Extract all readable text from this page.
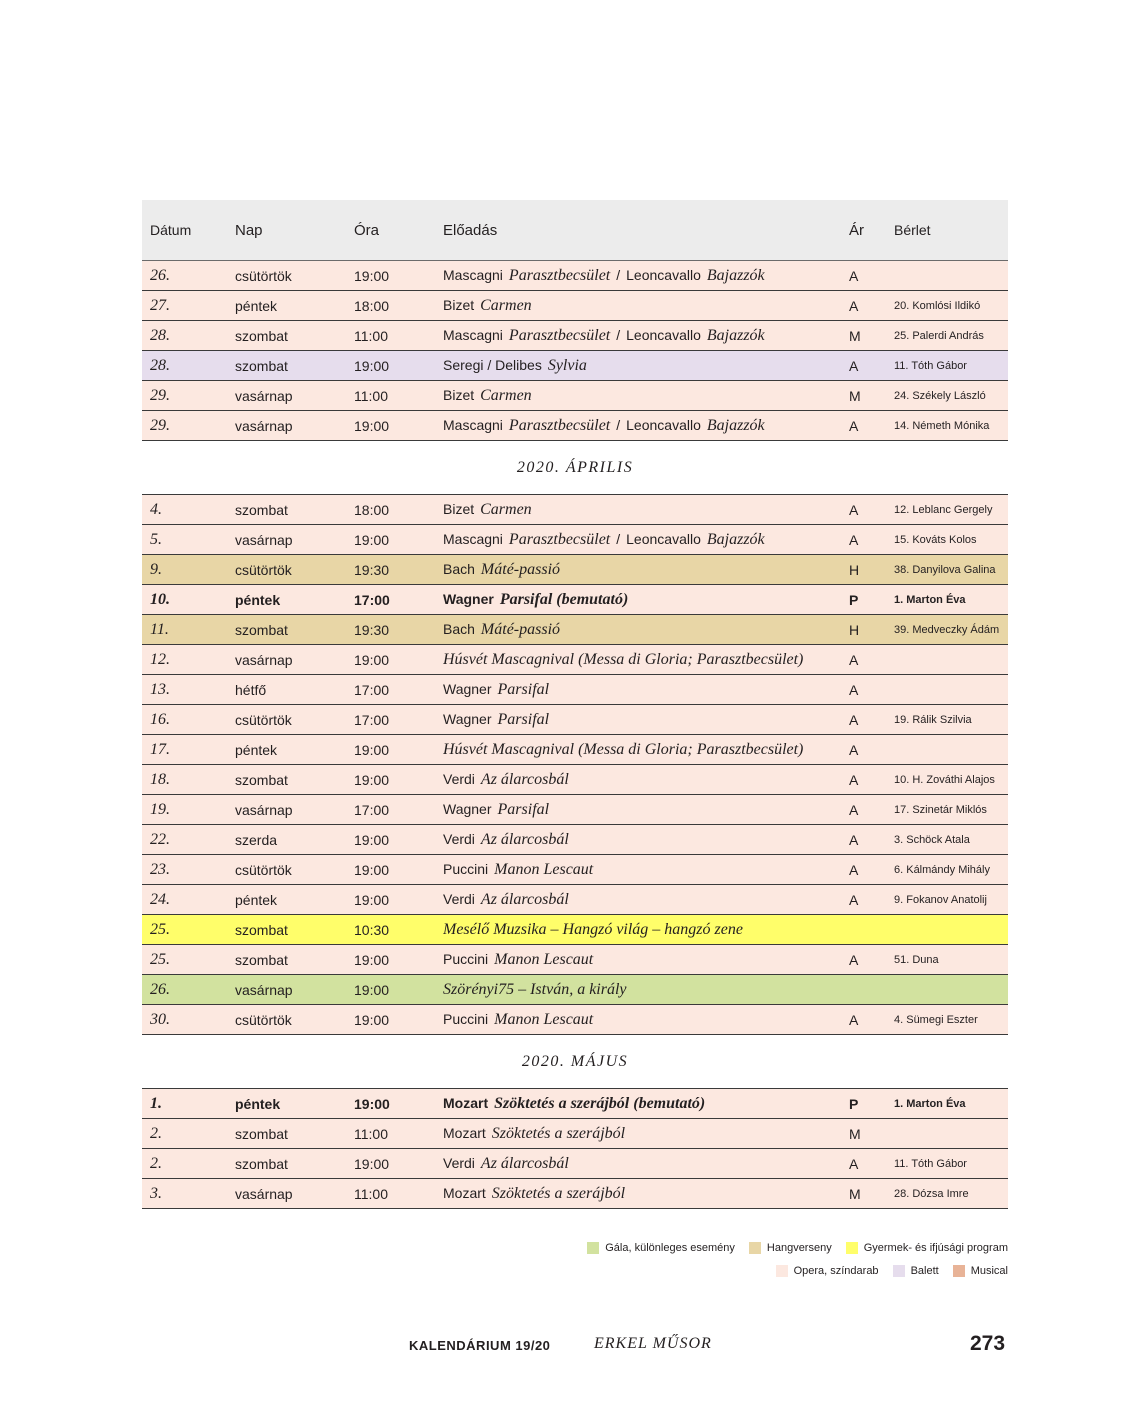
Dátum	Nap	Óra	Előadás	Ár	Bérlet
26.	csütörtök	19:00	Mascagni Parasztbecsület / Leoncavallo Bajazzók	A
27.	péntek	18:00	Bizet Carmen	A	20. Komlósi Ildikó
28.	szombat	11:00	Mascagni Parasztbecsület / Leoncavallo Bajazzók	M	25. Palerdi András
28.	szombat	19:00	Seregi / Delibes Sylvia	A	11. Tóth Gábor
29.	vasárnap	11:00	Bizet Carmen	M	24. Székely László
29.	vasárnap	19:00	Mascagni Parasztbecsület / Leoncavallo Bajazzók	A	14. Németh Mónika
2020. ÁPRILIS
4.	szombat	18:00	Bizet Carmen	A	12. Leblanc Gergely
5.	vasárnap	19:00	Mascagni Parasztbecsület / Leoncavallo Bajazzók	A	15. Kováts Kolos
9.	csütörtök	19:30	Bach Máté-passió	H	38. Danyilova Galina
10.	péntek	17:00	Wagner Parsifal (bemutató)	P	1. Marton Éva
11.	szombat	19:30	Bach Máté-passió	H	39. Medveczky Ádám
12.	vasárnap	19:00	Húsvét Mascagnival (Messa di Gloria; Parasztbecsület)	A
13.	hétfő	17:00	Wagner Parsifal	A
16.	csütörtök	17:00	Wagner Parsifal	A	19. Rálik Szilvia
17.	péntek	19:00	Húsvét Mascagnival (Messa di Gloria; Parasztbecsület)	A
18.	szombat	19:00	Verdi Az álarcosbál	A	10. H. Zováthi Alajos
19.	vasárnap	17:00	Wagner Parsifal	A	17. Szinetár Miklós
22.	szerda	19:00	Verdi Az álarcosbál	A	3. Schöck Atala
23.	csütörtök	19:00	Puccini Manon Lescaut	A	6. Kálmándy Mihály
24.	péntek	19:00	Verdi Az álarcosbál	A	9. Fokanov Anatolij
25.	szombat	10:30	Mesélő Muzsika – Hangzó világ – hangzó zene
25.	szombat	19:00	Puccini Manon Lescaut	A	51. Duna
26.	vasárnap	19:00	Szörényi75 – István, a király
30.	csütörtök	19:00	Puccini Manon Lescaut	A	4. Sümegi Eszter
2020. MÁJUS
1.	péntek	19:00	Mozart Szöktetés a szerájból (bemutató)	P	1. Marton Éva
2.	szombat	11:00	Mozart Szöktetés a szerájból	M
2.	szombat	19:00	Verdi Az álarcosbál	A	11. Tóth Gábor
3.	vasárnap	11:00	Mozart Szöktetés a szerájból	M	28. Dózsa Imre
Gála, különleges esemény	Hangverseny	Gyermek- és ifjúsági program
Opera, színdarab	Balett	Musical
KALENDÁRIUM 19/20	ERKEL MŰSOR	273
